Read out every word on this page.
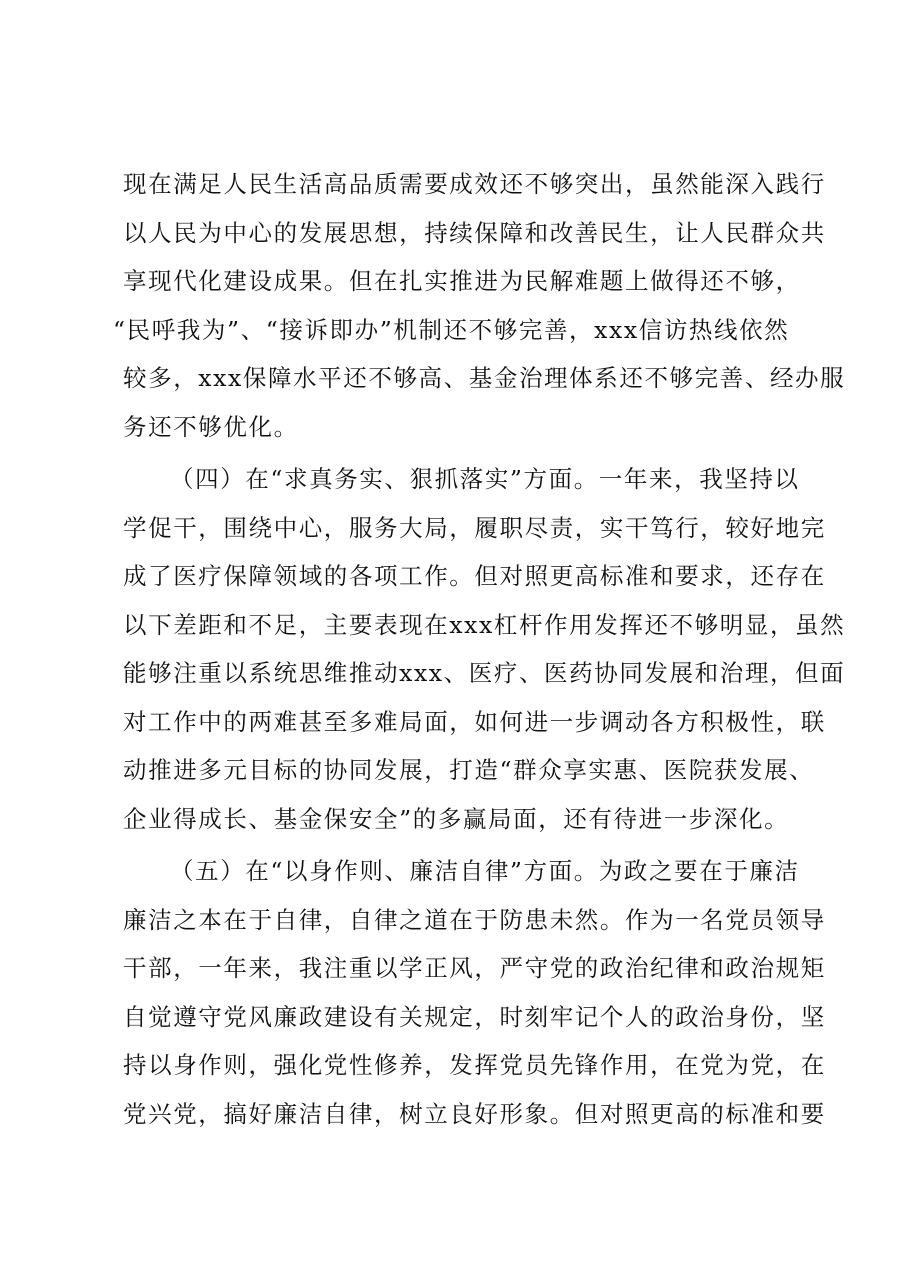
现在满足人民生活高品质需要成效还不够突出，虽然能深入践行
以人民为中心的发展思想，持续保障和改善民生，让人民群众共
享现代化建设成果。但在扎实推进为民解难题上做得还不够，
“民呼我为”、“接诉即办”机制还不够完善，xxx信访热线依然
较多，xxx保障水平还不够高、基金治理体系还不够完善、经办服
务还不够优化。

（四）在“求真务实、狠抓落实”方面。一年来，我坚持以
学促干，围绕中心，服务大局，履职尽责，实干笃行，较好地完
成了医疗保障领域的各项工作。但对照更高标准和要求，还存在
以下差距和不足，主要表现在xxx杠杆作用发挥还不够明显，虽然
能够注重以系统思维推动xxx、医疗、医药协同发展和治理，但面
对工作中的两难甚至多难局面，如何进一步调动各方积极性，联
动推进多元目标的协同发展，打造“群众享实惠、医院获发展、
企业得成长、基金保安全”的多赢局面，还有待进一步深化。

（五）在“以身作则、廉洁自律”方面。为政之要在于廉洁
廉洁之本在于自律，自律之道在于防患未然。作为一名党员领导
干部，一年来，我注重以学正风，严守党的政治纪律和政治规矩
自觉遵守党风廉政建设有关规定，时刻牢记个人的政治身份，坚
持以身作则，强化党性修养，发挥党员先锋作用，在党为党，在
党兴党，搞好廉洁自律，树立良好形象。但对照更高的标准和要
